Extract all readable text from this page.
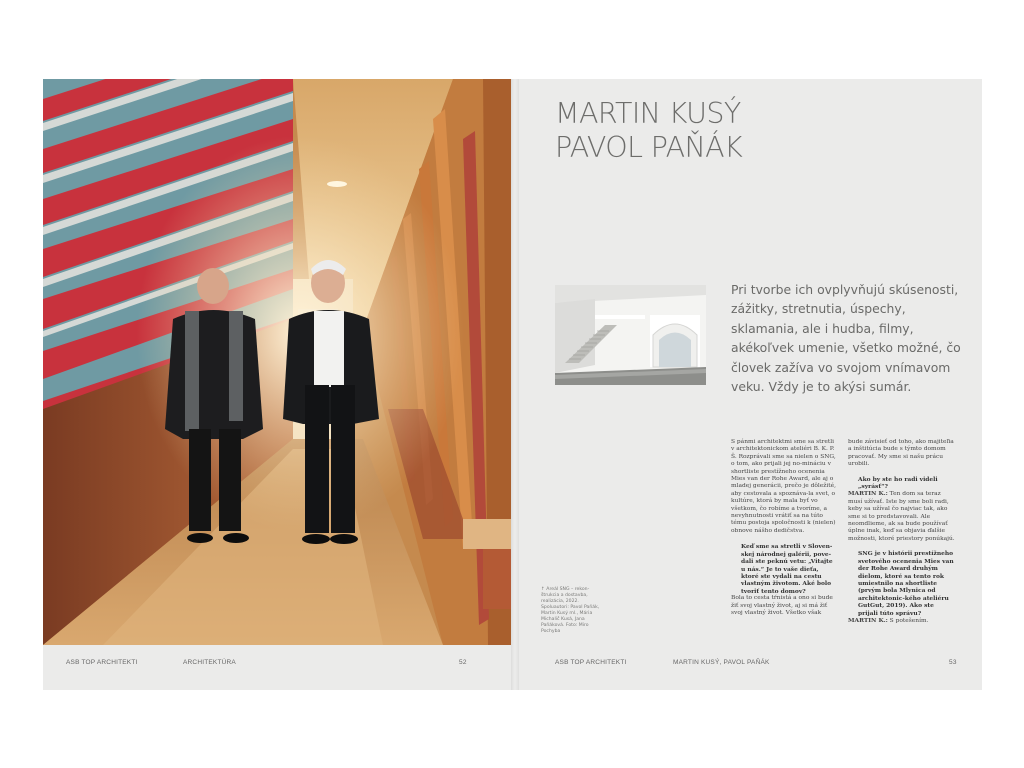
↑ Areál SNG – rekon-štrukcia a dostavba, realizácia, 2022. Spoluautori: Pavol Paňák, Martin Kusý ml., Mária Michalič Kusá, Jana Paňáková. Foto: Miro Pochyba
ASB TOP ARCHITEKTI	ARCHITEKTÚRA	52
MARTIN KUSÝ
PAVOL PAŇÁK
Pri tvorbe ich ovplyvňujú skúsenosti, zážitky, stretnutia, úspechy, sklamania, ale i hudba, filmy, akékoľvek umenie, všetko možné, čo človek zažíva vo svojom vnímavom veku. Vždy je to akýsi sumár.

S pánmi architektmi sme sa stretli v architektonickom ateliéri B. K. P. Š. Rozprávali sme sa nielen o SNG, o tom, ako prijali jej no-mináciu v shortliste prestížneho ocenenia Mies van der Rohe Award, ale aj o mladej generácii, prečo je dôležité, aby cestovala a spoznáva-la svet, o kultúre, ktorá by mala byť vo všetkom, čo robíme a tvoríme, a nevyhnutnosti vrátiť sa na túto tému postoja spoločnosti k (nielen) obnove nášho dedičstva.

Keď sme sa stretli v Sloven-skej národnej galérii, pove-dali ste peknú vetu: „Vitajte u nás.“ Je to vaše dieťa, ktoré ste vydali na cestu vlastným životom. Aké bolo tvoriť tento domov?

Bola to cesta tŕnistá a ono si bude žiť svoj vlastný život, aj si má žiť svoj vlastný život. Všetko však

bude závisieť od toho, ako majiteľia a inštitúcia bude s týmto domom pracovať. My sme si našu prácu urobili.

Ako by ste ho radi videli „syrásť“?

MARTIN K.: Ten dom sa teraz musí užívať. Iste by sme boli radi, keby sa užíval čo najviac tak, ako sme si to predstavovali. Ale neomdlieme, ak sa bude používať úplne inak, keď sa objavia ďalšie možnosti, ktoré priestory ponúkajú.

SNG je v histórii prestížneho svetového ocenenia Mies van der Rohe Award druhým dielom, ktoré sa tento rok umiestnilo na shortliste (prvým bola Mlynica od architektonic-kého ateliéru GutGut, 2019). Ako ste prijali túto správu?

MARTIN K.: S potešením.

ASB TOP ARCHITEKTI	MARTIN KUSÝ, PAVOL PAŇÁK	53
